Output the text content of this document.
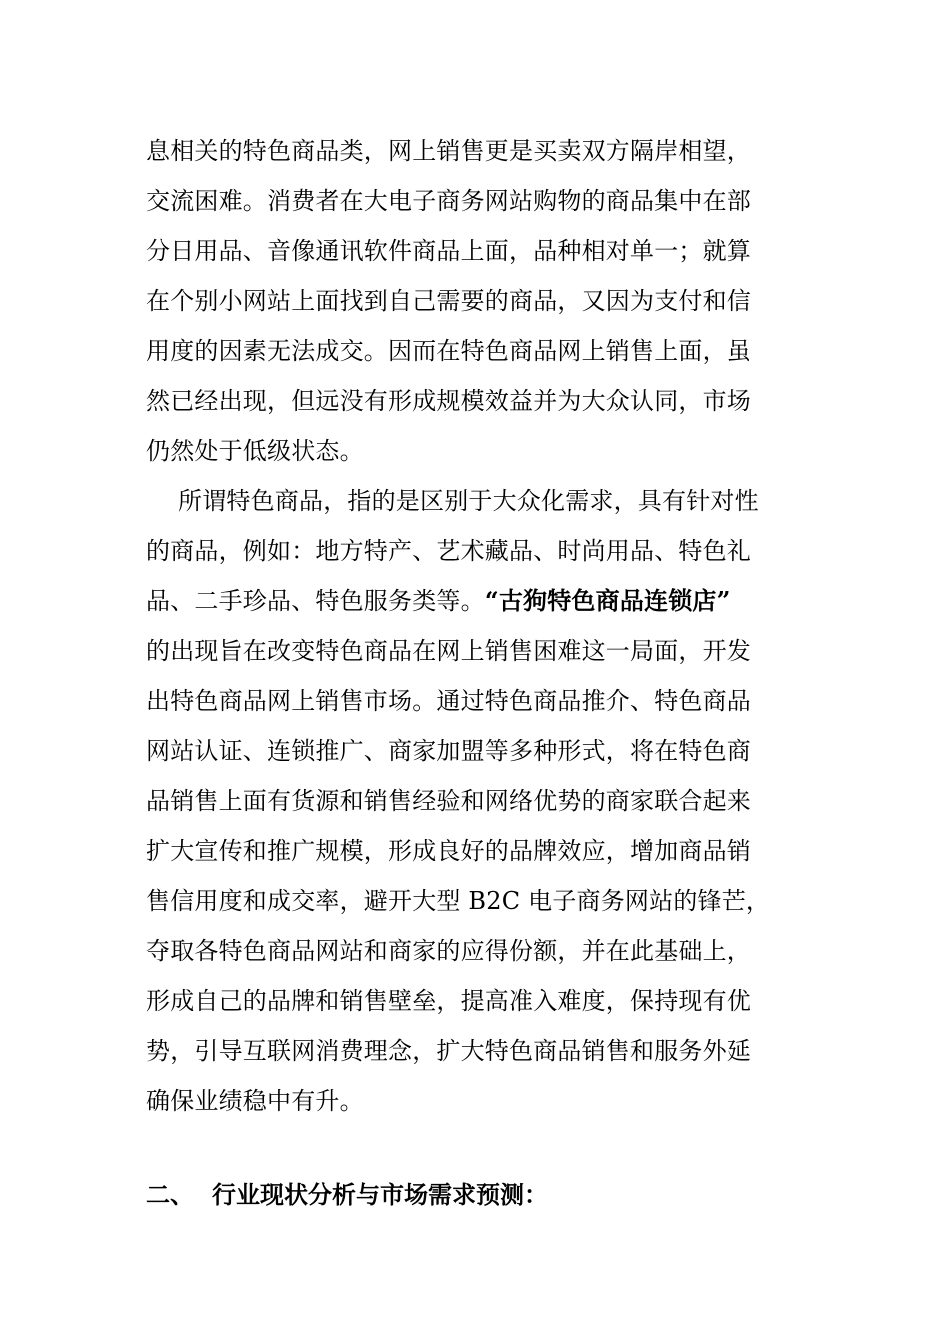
息相关的特色商品类，网上销售更是买卖双方隔岸相望，
交流困难。消费者在大电子商务网站购物的商品集中在部
分日用品、音像通讯软件商品上面，品种相对单一；就算
在个别小网站上面找到自己需要的商品，又因为支付和信
用度的因素无法成交。因而在特色商品网上销售上面，虽
然已经出现，但远没有形成规模效益并为大众认同，市场
仍然处于低级状态。
所谓特色商品，指的是区别于大众化需求，具有针对性
的商品，例如：地方特产、艺术藏品、时尚用品、特色礼
品、二手珍品、特色服务类等。“古狗特色商品连锁店”
的出现旨在改变特色商品在网上销售困难这一局面，开发
出特色商品网上销售市场。通过特色商品推介、特色商品
网站认证、连锁推广、商家加盟等多种形式，将在特色商
品销售上面有货源和销售经验和网络优势的商家联合起来
扩大宣传和推广规模，形成良好的品牌效应，增加商品销
售信用度和成交率，避开大型 B2C 电子商务网站的锋芒，
夺取各特色商品网站和商家的应得份额，并在此基础上，
形成自己的品牌和销售壁垒，提高准入难度，保持现有优
势，引导互联网消费理念，扩大特色商品销售和服务外延
确保业绩稳中有升。
二、 行业现状分析与市场需求预测：
